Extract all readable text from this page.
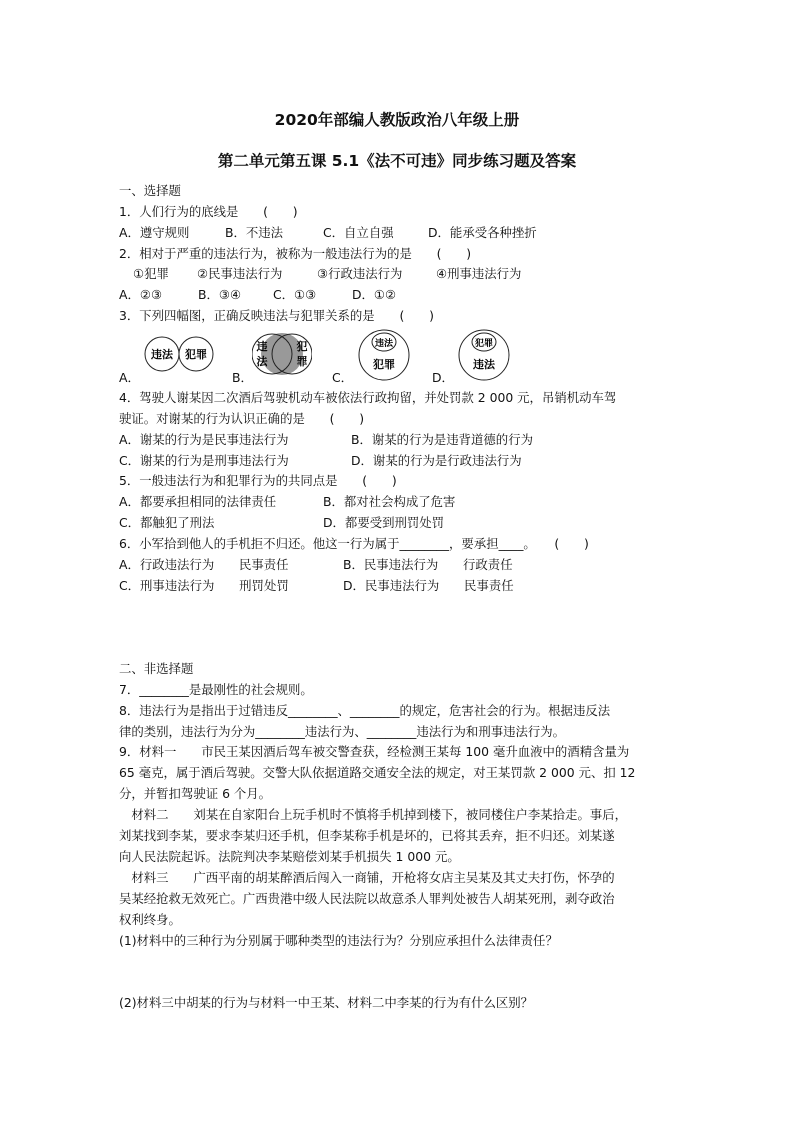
2020年部编人教版政治八年级上册
第二单元第五课 5.1《法不可违》同步练习题及答案
一、选择题
1．人们行为的底线是　　(　　)
A．遵守规则	B．不违法	C．自立自强	D．能承受各种挫折
2．相对于严重的违法行为，被称为一般违法行为的是　　(　　)
①犯罪 ②民事违法行为	③行政违法行为	④刑事违法行为
A．②③	B．③④	C．①③	D．①②
3．下列四幅图，正确反映违法与犯罪关系的是　　(　　)
A．	B．	C．	D．
违法 犯罪
违
法
犯
罪
违法
犯罪
犯罪
违法
4．驾驶人谢某因二次酒后驾驶机动车被依法行政拘留，并处罚款 2 000 元，吊销机动车驾
驶证。对谢某的行为认识正确的是　　(　　)
A．谢某的行为是民事违法行为	B．谢某的行为是违背道德的行为
C．谢某的行为是刑事违法行为	D．谢某的行为是行政违法行为
5．一般违法行为和犯罪行为的共同点是　　(　　)
A．都要承担相同的法律责任	B．都对社会构成了危害
C．都触犯了刑法	D．都要受到刑罚处罚
6．小军拾到他人的手机拒不归还。他这一行为属于________，要承担____。　　(　　)
A．行政违法行为　　民事责任	B．民事违法行为　　行政责任
C．刑事违法行为　　刑罚处罚	D．民事违法行为　　民事责任
二、非选择题
7．________是最刚性的社会规则。
8．违法行为是指出于过错违反________、________的规定，危害社会的行为。根据违反法
律的类别，违法行为分为________违法行为、________违法行为和刑事违法行为。
9．材料一　　市民王某因酒后驾车被交警查获，经检测王某每 100 毫升血液中的酒精含量为
65 毫克，属于酒后驾驶。交警大队依据道路交通安全法的规定，对王某罚款 2 000 元、扣 12
分，并暂扣驾驶证 6 个月。
　材料二　　刘某在自家阳台上玩手机时不慎将手机掉到楼下，被同楼住户李某拾走。事后，
刘某找到李某，要求李某归还手机，但李某称手机是坏的，已将其丢弃，拒不归还。刘某遂
向人民法院起诉。法院判决李某赔偿刘某手机损失 1 000 元。
　材料三　　广西平南的胡某醉酒后闯入一商铺，开枪将女店主吴某及其丈夫打伤，怀孕的
吴某经抢救无效死亡。广西贵港中级人民法院以故意杀人罪判处被告人胡某死刑，剥夺政治
权利终身。
(1)材料中的三种行为分别属于哪种类型的违法行为？分别应承担什么法律责任？
(2)材料三中胡某的行为与材料一中王某、材料二中李某的行为有什么区别？
